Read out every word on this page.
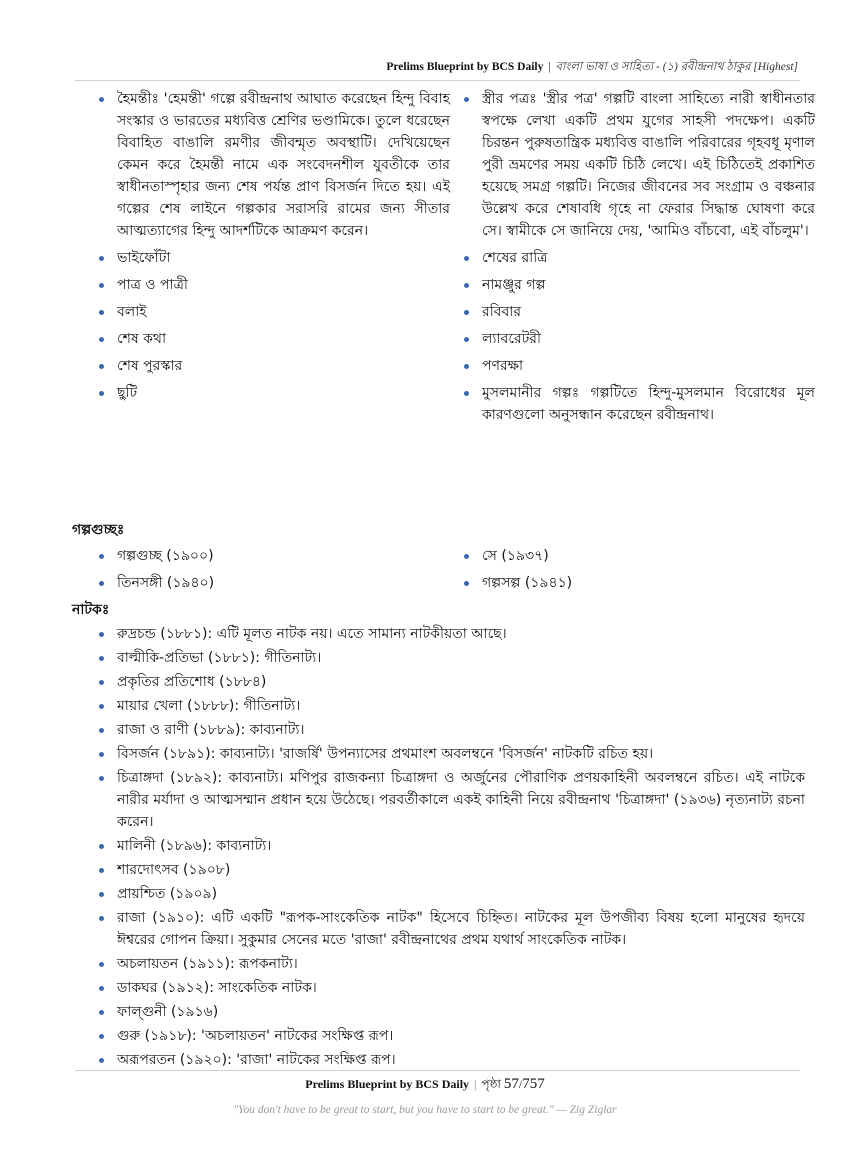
Prelims Blueprint by BCS Daily | বাংলা ভাষা ও সাহিত্য - (১) রবীন্দ্রনাথ ঠাকুর [Highest]
হৈমন্তীঃ 'হেমন্তী' গল্পে রবীন্দ্রনাথ আঘাত করেছেন হিন্দু বিবাহ সংস্কার ও ভারতের মধ্যবিত্ত শ্রেণির ভণ্ডামিকে। তুলে ধরেছেন বিবাহিত বাঙালি রমণীর জীবন্মৃত অবস্থাটি। দেখিয়েছেন কেমন করে হৈমন্তী নামে এক সংবেদনশীল যুবতীকে তার স্বাধীনতাস্পৃহার জন্য শেষ পর্যন্ত প্রাণ বিসর্জন দিতে হয়। এই গল্পের শেষ লাইনে গল্পকার সরাসরি রামের জন্য সীতার আত্মত্যাগের হিন্দু আদর্শটিকে আক্রমণ করেন।
ভাইফোঁটা
পাত্র ও পাত্রী
বলাই
শেষ কথা
শেষ পুরস্কার
ছুটি
স্ত্রীর পত্রঃ 'স্ত্রীর পত্র' গল্পটি বাংলা সাহিত্যে নারী স্বাধীনতার স্বপক্ষে লেখা একটি প্রথম যুগের সাহসী পদক্ষেপ। একটি চিরন্তন পুরুষতান্ত্রিক মধ্যবিত্ত বাঙালি পরিবারের গৃহবধূ মৃণাল পুরী ভ্রমণের সময় একটি চিঠি লেখে। এই চিঠিতেই প্রকাশিত হয়েছে সমগ্র গল্পটি। নিজের জীবনের সব সংগ্রাম ও বঞ্চনার উল্লেখ করে শেষাবধি গৃহে না ফেরার সিদ্ধান্ত ঘোষণা করে সে। স্বামীকে সে জানিয়ে দেয়, 'আমিও বাঁচবো, এই বাঁচলুম'।
শেষের রাত্রি
নামঞ্জুর গল্প
রবিবার
ল্যাবরেটরী
পণরক্ষা
মুসলমানীর গল্পঃ গল্পটিতে হিন্দু-মুসলমান বিরোধের মূল কারণগুলো অনুসন্ধান করেছেন রবীন্দ্রনাথ।
গল্পগুচ্ছঃ
গল্পগুচ্ছ (১৯০০)
তিনসঙ্গী (১৯৪০)
সে (১৯৩৭)
গল্পসল্প (১৯৪১)
নাটকঃ
রুদ্রচন্ড (১৮৮১): এটি মূলত নাটক নয়। এতে সামান্য নাটকীয়তা আছে।
বাল্মীকি-প্রতিভা (১৮৮১): গীতিনাট্য।
প্রকৃতির প্রতিশোধ (১৮৮৪)
মায়ার খেলা (১৮৮৮): গীতিনাট্য।
রাজা ও রাণী (১৮৮৯): কাব্যনাট্য।
বিসর্জন (১৮৯১): কাব্যনাট্য। 'রাজর্ষি' উপন্যাসের প্রথমাংশ অবলম্বনে 'বিসর্জন' নাটকটি রচিত হয়।
চিত্রাঙ্গদা (১৮৯২): কাব্যনাট্য। মণিপুর রাজকন্যা চিত্রাঙ্গদা ও অর্জুনের পৌরাণিক প্রণয়কাহিনী অবলম্বনে রচিত। এই নাটকে নারীর মর্যাদা ও আত্মসম্মান প্রধান হয়ে উঠেছে। পরবর্তীকালে একই কাহিনী নিয়ে রবীন্দ্রনাথ 'চিত্রাঙ্গদা' (১৯৩৬) নৃত্যনাট্য রচনা করেন।
মালিনী (১৮৯৬): কাব্যনাট্য।
শারদোৎসব (১৯০৮)
প্রায়শ্চিত (১৯০৯)
রাজা (১৯১০): এটি একটি "রূপক-সাংকেতিক নাটক" হিসেবে চিহ্নিত। নাটকের মূল উপজীব্য বিষয় হলো মানুষের হৃদয়ে ঈশ্বরের গোপন ক্রিয়া। সুকুমার সেনের মতে 'রাজা' রবীন্দ্রনাথের প্রথম যথার্থ সাংকেতিক নাটক।
অচলায়তন (১৯১১): রূপকনাট্য।
ডাকঘর (১৯১২): সাংকেতিক নাটক।
ফাল্গুনী (১৯১৬)
গুরু (১৯১৮): 'অচলায়তন' নাটকের সংক্ষিপ্ত রূপ।
অরূপরতন (১৯২০): 'রাজা' নাটকের সংক্ষিপ্ত রূপ।
Prelims Blueprint by BCS Daily | পৃষ্ঠা 57/757
"You don't have to be great to start, but you have to start to be great." — Zig Ziglar
